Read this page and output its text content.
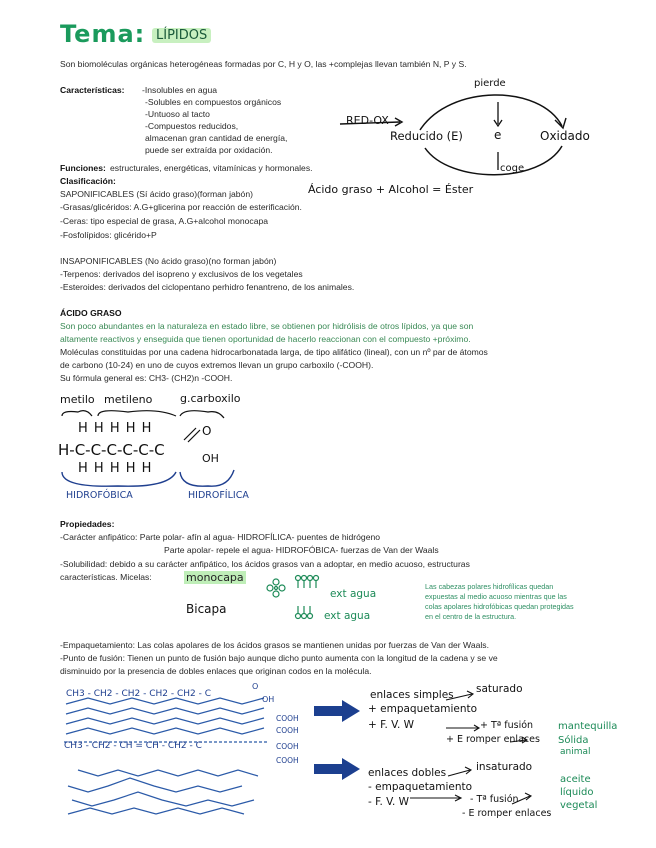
Tema: LÍPIDOS
Son biomoléculas orgánicas heterogéneas formadas por C, H y O, las +complejas llevan también N, P y S.
Características: -Insolubles en agua
-Solubles en compuestos orgánicos
-Untuoso al tacto
-Compuestos reducidos,
almacenan gran cantidad de energía,
puede ser extraída por oxidación.
RED-OX
Reducido (E)	e	Oxidado
pierde
coge
Funciones: estructurales, energéticas, vitamínicas y hormonales.
Clasificación:
SAPONIFICABLES (Sí ácido graso)(forman jabón)	Ácido graso + Alcohol = Éster
-Grasas/glicéridos: A.G+glicerina por reacción de esterificación.
-Ceras: tipo especial de grasa, A.G+alcohol monocapa
-Fosfolípidos: glicérido+P
INSAPONIFICABLES (No ácido graso)(no forman jabón)
-Terpenos: derivados del isopreno y exclusivos de los vegetales
-Esteroides: derivados del ciclopentano perhidro fenantreno, de los animales.
ÁCIDO GRASO
Son poco abundantes en la naturaleza en estado libre, se obtienen por hidrólisis de otros lípidos, ya que son
altamente reactivos y enseguida que tienen oportunidad de hacerlo reaccionan con el compuesto +próximo.
Moléculas constituidas por una cadena hidrocarbonatada larga, de tipo alifático (lineal), con un nº par de átomos
de carbono (10-24) en uno de cuyos extremos llevan un grupo carboxilo (-COOH).
Su fórmula general es: CH3- (CH2)n -COOH.
metilo metileno	g.carboxilo
H H H H H
H-C-C-C-C-C-C
O
OH
H H H H H
HIDROFÓBICA	HIDROFÍLICA
Propiedades:
-Carácter anfipático: Parte polar- afín al agua- HIDROFÍLICA- puentes de hidrógeno
Parte apolar- repele el agua- HIDROFÓBICA- fuerzas de Van der Waals
-Solubilidad: debido a su carácter anfipático, los ácidos grasos van a adoptar, en medio acuoso, estructuras
características. Micelas:	monocapa
Bicapa
ext agua
ext agua
Las cabezas polares hidrofílicas quedan
expuestas al medio acuoso mientras que las
colas apolares hidrofóbicas quedan protegidas
en el centro de la estructura.
-Empaquetamiento: Las colas apolares de los ácidos grasos se mantienen unidas por fuerzas de Van der Waals.
-Punto de fusión: Tienen un punto de fusión bajo aunque dicho punto aumenta con la longitud de la cadena y se ve
disminuido por la presencia de dobles enlaces que originan codos en la molécula.
CH3 - CH2 - CH2 - CH2 - CH2 - C
O
OH
COOH
COOH
CH3 - CH2 - CH = CH - CH2 - C	COOH
COOH
enlaces simples
+ empaquetamiento
+ F. V. W
saturado
+ Tª fusión
+ E romper enlaces
mantequilla
Sólida
animal
enlaces dobles
- empaquetamiento
- F. V. W
insaturado
- Tª fusión
- E romper enlaces
aceite
líquido
vegetal
